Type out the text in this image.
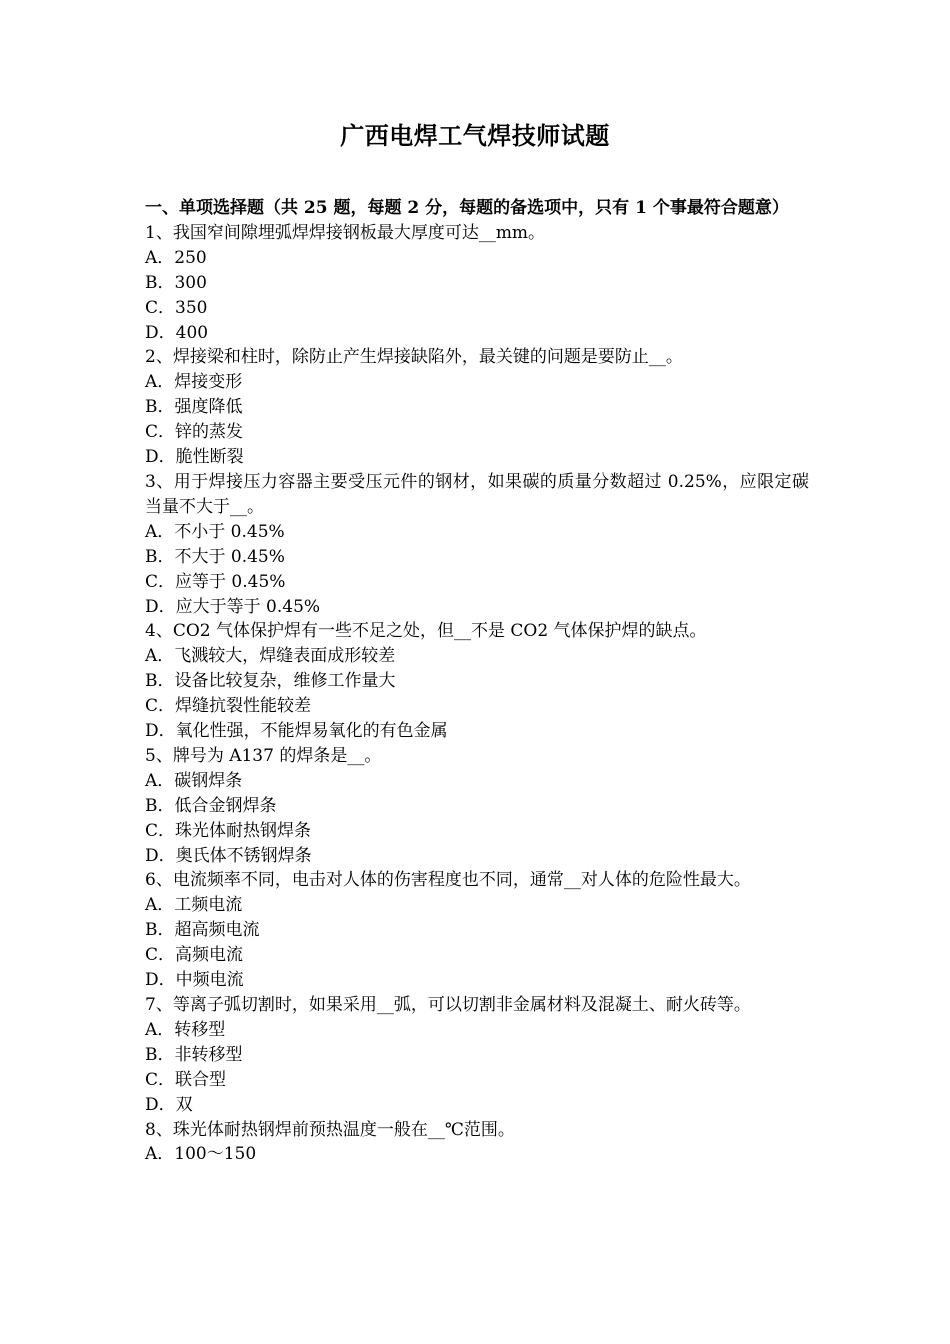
广西电焊工气焊技师试题
一、单项选择题（共 25 题，每题 2 分，每题的备选项中，只有 1 个事最符合题意）
1、我国窄间隙埋弧焊焊接钢板最大厚度可达__mm。
A．250
B．300
C．350
D．400
2、焊接梁和柱时，除防止产生焊接缺陷外，最关键的问题是要防止__。
A．焊接变形
B．强度降低
C．锌的蒸发
D．脆性断裂
3、用于焊接压力容器主要受压元件的钢材，如果碳的质量分数超过 0.25%，应限定碳当量不大于__。
A．不小于 0.45%
B．不大于 0.45%
C．应等于 0.45%
D．应大于等于 0.45%
4、CO2 气体保护焊有一些不足之处，但__不是 CO2 气体保护焊的缺点。
A．飞溅较大，焊缝表面成形较差
B．设备比较复杂，维修工作量大
C．焊缝抗裂性能较差
D．氧化性强，不能焊易氧化的有色金属
5、牌号为 A137 的焊条是__。
A．碳钢焊条
B．低合金钢焊条
C．珠光体耐热钢焊条
D．奥氏体不锈钢焊条
6、电流频率不同，电击对人体的伤害程度也不同，通常__对人体的危险性最大。
A．工频电流
B．超高频电流
C．高频电流
D．中频电流
7、等离子弧切割时，如果采用__弧，可以切割非金属材料及混凝土、耐火砖等。
A．转移型
B．非转移型
C．联合型
D．双
8、珠光体耐热钢焊前预热温度一般在__℃范围。
A．100～150
